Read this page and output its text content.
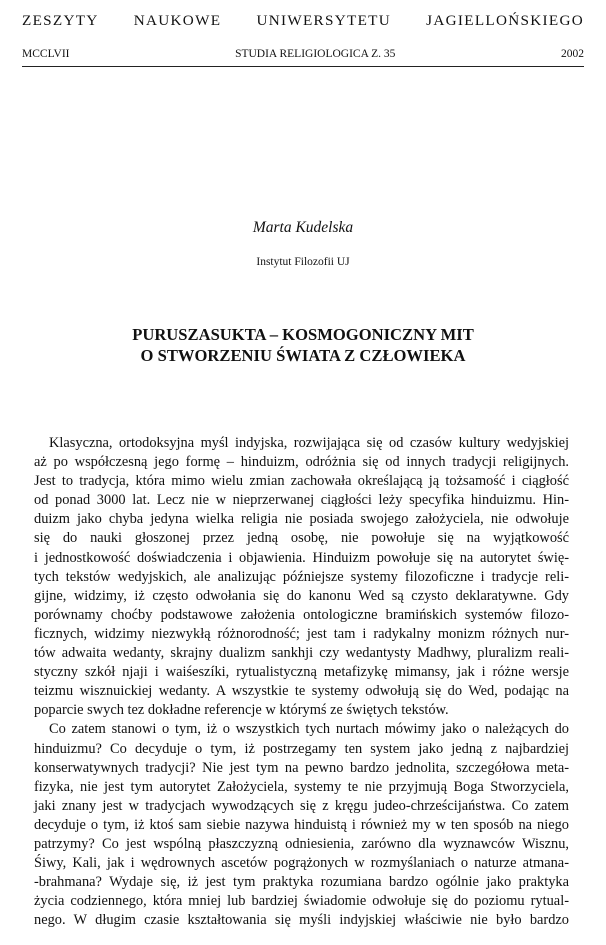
ZESZYTY NAUKOWE UNIWERSYTETU JAGIELLOŃSKIEGO
MCCLVII	STUDIA RELIGIOLOGICA Z. 35	2002
Marta Kudelska
Instytut Filozofii UJ
PURUSZASUKTA – KOSMOGONICZNY MIT
O STWORZENIU ŚWIATA Z CZŁOWIEKA
Klasyczna, ortodoksyjna myśl indyjska, rozwijająca się od czasów kultury wedyjskiej
aż po współczesną jego formę – hinduizm, odróżnia się od innych tradycji religijnych.
Jest to tradycja, która mimo wielu zmian zachowała określającą ją tożsamość i ciągłość
od ponad 3000 lat. Lecz nie w nieprzerwanej ciągłości leży specyfika hinduizmu. Hin-
duizm jako chyba jedyna wielka religia nie posiada swojego założyciela, nie odwołuje
się do nauki głoszonej przez jedną osobę, nie powołuje się na wyjątkowość
i jednostkowość doświadczenia i objawienia. Hinduizm powołuje się na autorytet świę-
tych tekstów wedyjskich, ale analizując późniejsze systemy filozoficzne i tradycje reli-
gijne, widzimy, iż często odwołania się do kanonu Wed są czysto deklaratywne. Gdy
porównamy choćby podstawowe założenia ontologiczne bramińskich systemów filozo-
ficznych, widzimy niezwykłą różnorodność; jest tam i radykalny monizm różnych nur-
tów adwaita wedanty, skrajny dualizm sankhji czy wedantysty Madhwy, pluralizm reali-
styczny szkół njaji i waiśeszíki, rytualistyczną metafizykę mimansy, jak i różne wersje
teizmu wisznuickiej wedanty. A wszystkie te systemy odwołują się do Wed, podając na
poparcie swych tez dokładne referencje w którymś ze świętych tekstów.
Co zatem stanowi o tym, iż o wszystkich tych nurtach mówimy jako o należących do
hinduizmu? Co decyduje o tym, iż postrzegamy ten system jako jedną z najbardziej
konserwatywnych tradycji? Nie jest tym na pewno bardzo jednolita, szczegółowa meta-
fizyka, nie jest tym autorytet Założyciela, systemy te nie przyjmują Boga Stworzyciela,
jaki znany jest w tradycjach wywodzących się z kręgu judeo-chrześcijaństwa. Co zatem
decyduje o tym, iż ktoś sam siebie nazywa hinduistą i również my w ten sposób na niego
patrzymy? Co jest wspólną płaszczyzną odniesienia, zarówno dla wyznawców Wisznu,
Śiwy, Kali, jak i wędrownych ascetów pogrążonych w rozmyślaniach o naturze atmana-
-brahmana? Wydaje się, iż jest tym praktyka rozumiana bardzo ogólnie jako praktyka
życia codziennego, która mniej lub bardziej świadomie odwołuje się do poziomu rytual-
nego. W długim czasie kształtowania się myśli indyjskiej właściwie nie było bardzo
